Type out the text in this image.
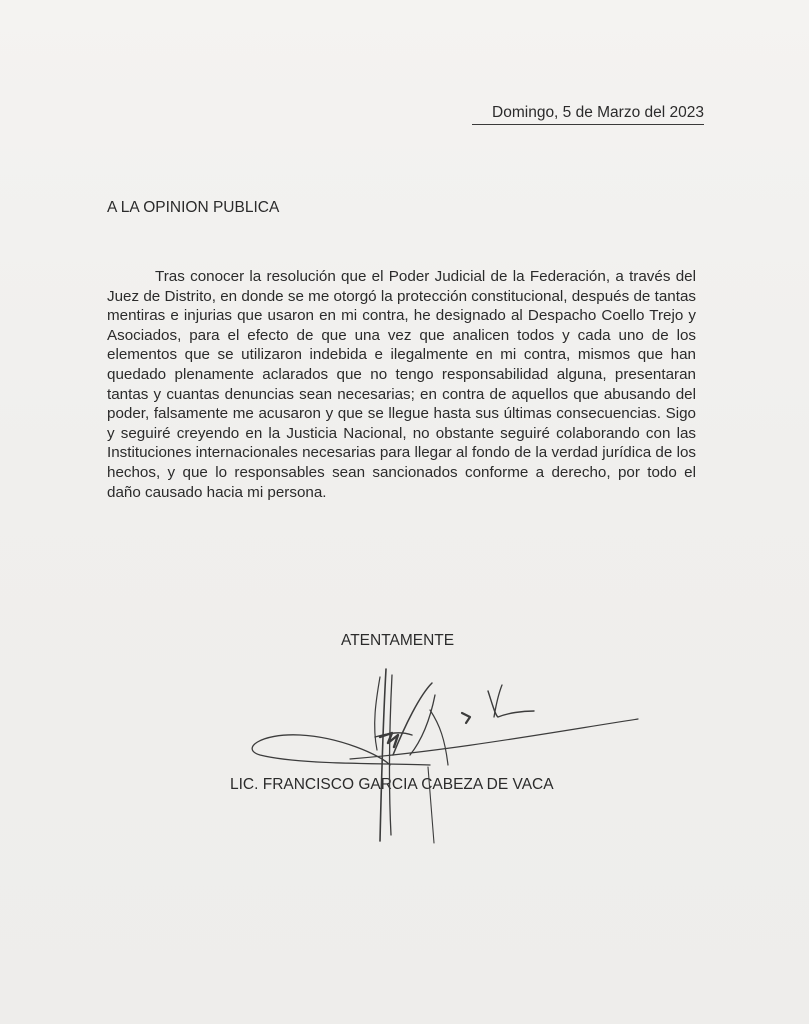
Domingo, 5 de Marzo del 2023
A LA OPINION PUBLICA

Tras conocer la resolución que el Poder Judicial de la Federación, a través del Juez de Distrito, en donde se me otorgó la protección constitucional, después de tantas mentiras e injurias que usaron en mi contra, he designado al Despacho Coello Trejo y Asociados, para el efecto de que una vez que analicen todos y cada uno de los elementos que se utilizaron indebida e ilegalmente en mi contra, mismos que han quedado plenamente aclarados que no tengo responsabilidad alguna, presentaran tantas y cuantas denuncias sean necesarias; en contra de aquellos que abusando del poder, falsamente me acusaron y que se llegue hasta sus últimas consecuencias. Sigo y seguiré creyendo en la Justicia Nacional, no obstante seguiré colaborando con las Instituciones internacionales necesarias para llegar al fondo de la verdad jurídica de los hechos, y que lo responsables sean sancionados conforme a derecho, por todo el daño causado hacia mi persona.

ATENTAMENTE
LIC. FRANCISCO GARCIA CABEZA DE VACA
